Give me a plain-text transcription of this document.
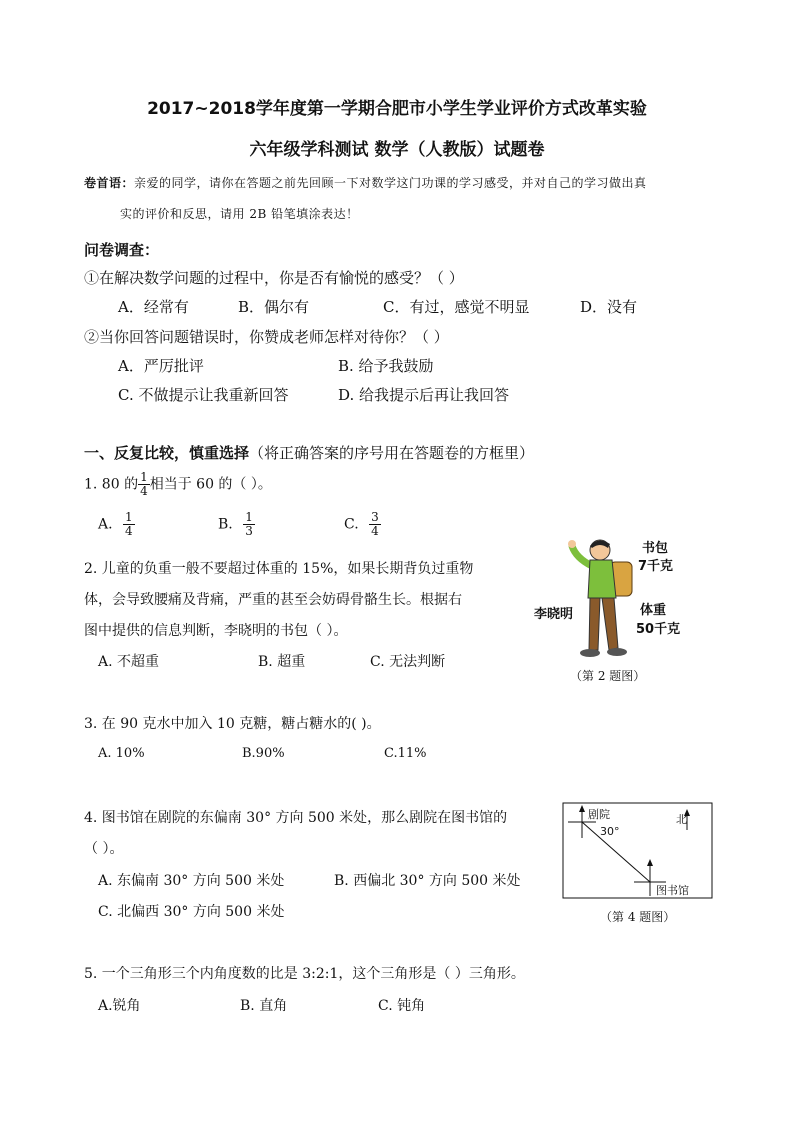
2017~2018学年度第一学期合肥市小学生学业评价方式改革实验
六年级学科测试 数学（人教版）试题卷
卷首语：亲爱的同学，请你在答题之前先回顾一下对数学这门功课的学习感受，并对自己的学习做出真
实的评价和反思，请用 2B 铅笔填涂表达！
问卷调查：
①在解决数学问题的过程中，你是否有愉悦的感受？（ ）
A．经常有	B．偶尔有	C．有过，感觉不明显	D．没有
②当你回答问题错误时，你赞成老师怎样对待你？（ ）
A．严厉批评	B. 给予我鼓励
C. 不做提示让我重新回答	D. 给我提示后再让我回答
一、反复比较，慎重选择（将正确答案的序号用在答题卷的方框里）
1. 80 的 $\frac{1}{4}$ 相当于 60 的（ ）。
A. $\frac{1}{4}$	B. $\frac{1}{3}$	C. $\frac{3}{4}$
2. 儿童的负重一般不要超过体重的 15%，如果长期背负过重物
体，会导致腰痛及背痛，严重的甚至会妨碍骨骼生长。根据右
图中提供的信息判断，李晓明的书包（ ）。
A. 不超重	B. 超重	C. 无法判断
书包
7千克
李晓明	体重
50千克
（第 2 题图）
3. 在 90 克水中加入 10 克糖，糖占糖水的( )。
A. 10%	B.90%	C.11%
4. 图书馆在剧院的东偏南 30° 方向 500 米处，那么剧院在图书馆的
（ ）。
A. 东偏南 30° 方向 500 米处	B. 西偏北 30° 方向 500 米处
C. 北偏西 30° 方向 500 米处
剧院
30°
北
图书馆
（第 4 题图）
5. 一个三角形三个内角度数的比是 3:2:1，这个三角形是（ ）三角形。
A.锐角	B. 直角	C. 钝角
